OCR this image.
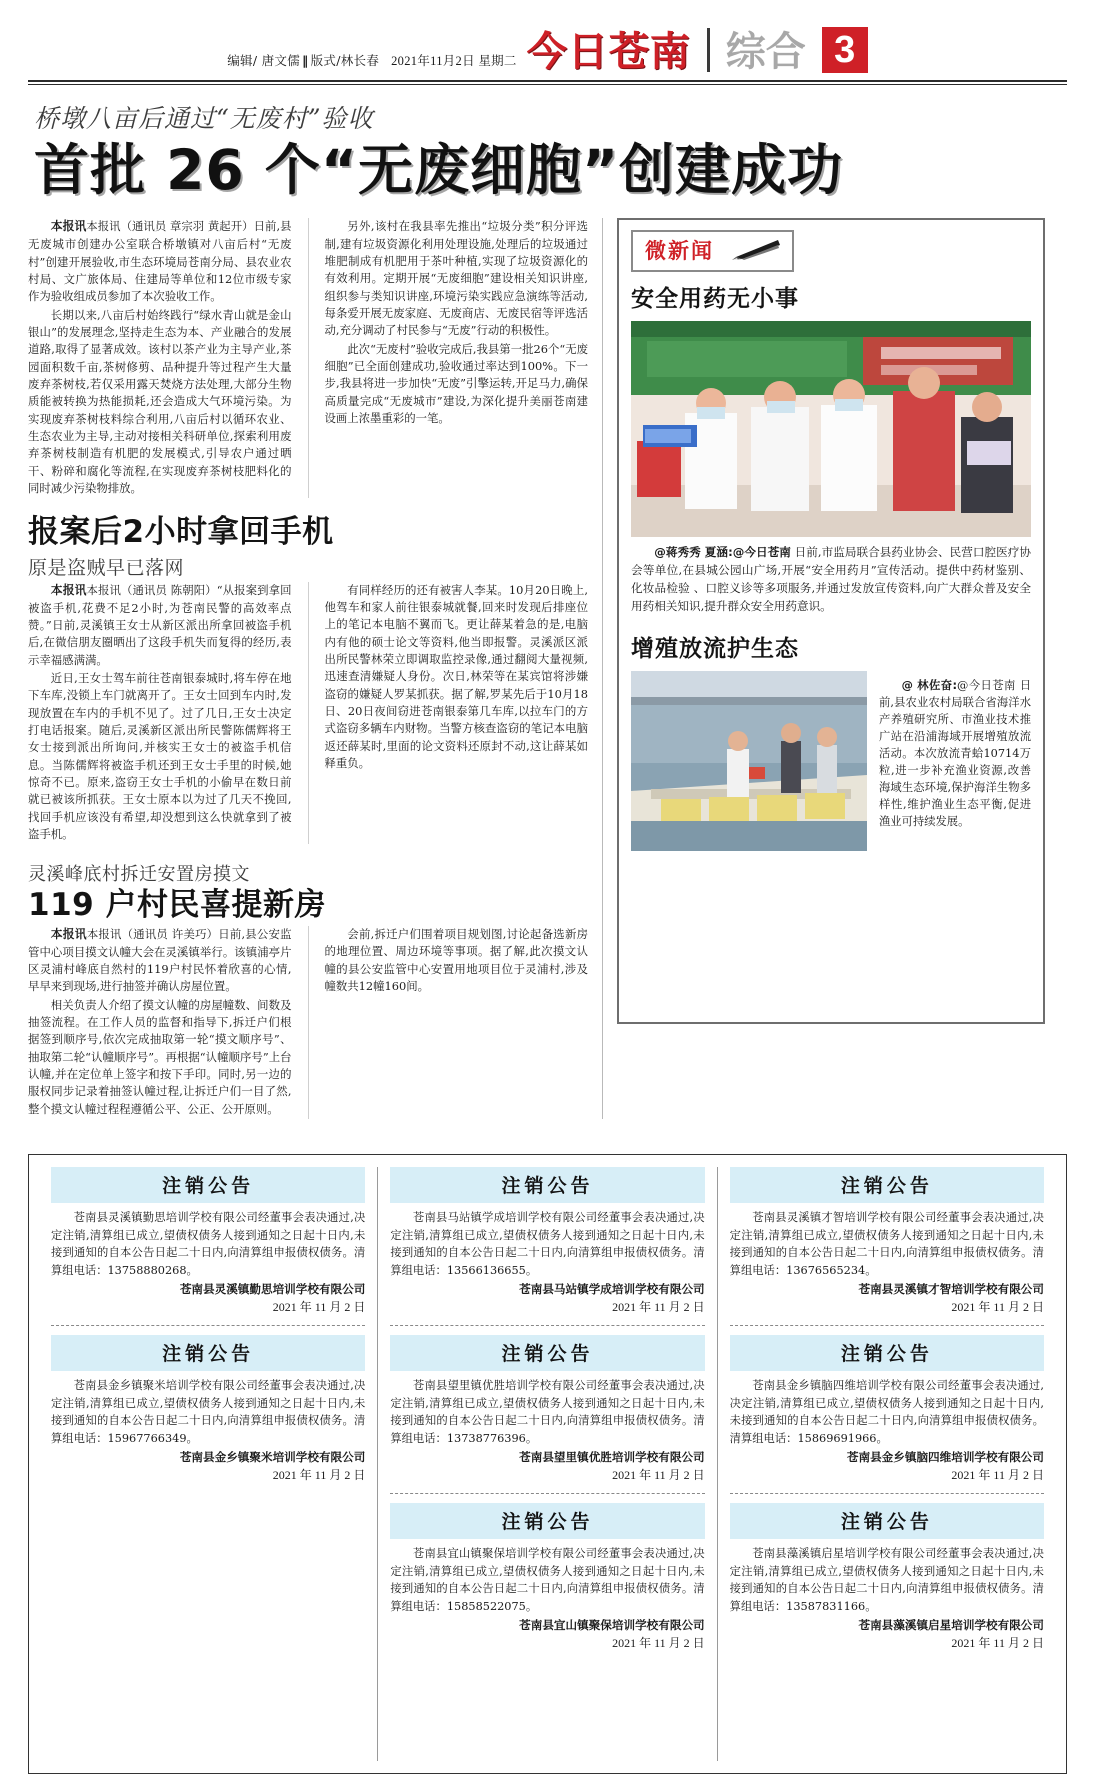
编辑/ 唐文儒 ‖ 版式/林长春 2021年11月2日 星期二 今日苍南 综合 3
桥墩八亩后通过“无废村”验收
首批 26 个“无废细胞”创建成功

本报讯本报讯（通讯员 章宗羽 黄起开）日前,县无废城市创建办公室联合桥墩镇对八亩后村“无废村”创建开展验收,市生态环境局苍南分局、县农业农村局、文广旅体局、住建局等单位和12位市级专家作为验收组成员参加了本次验收工作。

长期以来,八亩后村始终践行“绿水青山就是金山银山”的发展理念,坚持走生态为本、产业融合的发展道路,取得了显著成效。该村以茶产业为主导产业,茶园面积数千亩,茶树修剪、品种提升等过程产生大量废弃茶树枝,若仅采用露天焚烧方法处理,大部分生物质能被转换为热能损耗,还会造成大气环境污染。为实现废弃茶树枝料综合利用,八亩后村以循环农业、生态农业为主导,主动对接相关科研单位,探索利用废弃茶树枝制造有机肥的发展模式,引导农户通过晒干、粉碎和腐化等流程,在实现废弃茶树枝肥料化的同时减少污染物排放。

另外,该村在我县率先推出“垃圾分类”积分评选制,建有垃圾资源化利用处理设施,处理后的垃圾通过堆肥制成有机肥用于茶叶种植,实现了垃圾资源化的有效利用。定期开展“无废细胞”建设相关知识讲座,组织参与类知识讲座,环境污染实践应急演练等活动,每条爱开展无废家庭、无废商店、无废民宿等评选活动,充分调动了村民参与“无废”行动的积极性。

此次“无废村”验收完成后,我县第一批26个“无废细胞”已全面创建成功,验收通过率达到100%。下一步,我县将进一步加快“无废”引擎运转,开足马力,确保高质量完成“无废城市”建设,为深化提升美丽苍南建设画上浓墨重彩的一笔。

报案后2小时拿回手机
原是盗贼早已落网

本报讯本报讯（通讯员 陈朝阳）“从报案到拿回被盗手机,花费不足2小时,为苍南民警的高效率点赞。”日前,灵溪镇王女士从新区派出所拿回被盗手机后,在微信朋友圈晒出了这段手机失而复得的经历,表示幸福感满满。

近日,王女士驾车前往苍南银泰城时,将车停在地下车库,没锁上车门就离开了。王女士回到车内时,发现放置在车内的手机不见了。过了几日,王女士决定打电话报案。随后,灵溪新区派出所民警陈儒辉将王女士接到派出所询问,并核实王女士的被盗手机信息。当陈儒辉将被盗手机还到王女士手里的时候,她惊奇不已。原来,盗窃王女士手机的小偷早在数日前就已被该所抓获。王女士原本以为过了几天不挽回,找回手机应该没有希望,却没想到这么快就拿到了被盗手机。

有同样经历的还有被害人李某。10月20日晚上,他驾车和家人前往银泰城就餐,回来时发现后排座位上的笔记本电脑不翼而飞。更让薛某着急的是,电脑内有他的硕士论文等资料,他当即报警。灵溪派区派出所民警林荣立即调取监控录像,通过翻阅大量视频,迅速查清嫌疑人身份。次日,林荣等在某宾馆将涉嫌盗窃的嫌疑人罗某抓获。据了解,罗某先后于10月18日、20日夜间窃进苍南银泰第几车库,以拉车门的方式盗窃多辆车内财物。当警方核查盗窃的笔记本电脑返还薛某时,里面的论文资料还原封不动,这让薛某如释重负。

灵溪峰底村拆迁安置房摸文
119 户村民喜提新房

本报讯本报讯（通讯员 许美巧）日前,县公安监管中心项目摸文认幢大会在灵溪镇举行。该镇浦亭片区灵浦村峰底自然村的119户村民怀着欣喜的心情,早早来到现场,进行抽签并确认房屋位置。

相关负责人介绍了摸文认幢的房屋幢数、间数及抽签流程。在工作人员的监督和指导下,拆迁户们根据签到顺序号,依次完成抽取第一轮“摸文顺序号”、抽取第二轮“认幢顺序号”。再根据“认幢顺序号”上台认幢,并在定位单上签字和按下手印。同时,另一边的服权同步记录着抽签认幢过程,让拆迁户们一目了然,整个摸文认幢过程程遵循公平、公正、公开原则。

会前,拆迁户们围着项目规划图,讨论起备选新房的地理位置、周边环境等事项。据了解,此次摸文认幢的县公安监管中心安置用地项目位于灵浦村,涉及幢数共12幢160间。

微新闻
安全用药无小事

@蒋秀秀 夏涵:@今日苍南 日前,市监局联合县药业协会、民营口腔医疗协会等单位,在县城公园山广场,开展“安全用药月”宣传活动。提供中药材鉴别、化妆品检验 、口腔义诊等多项服务,并通过发放宣传资料,向广大群众普及安全用药相关知识,提升群众安全用药意识。

增殖放流护生态

@ 林佐奋:@今日苍南 日前,县农业农村局联合省海洋水产养殖研究所、市渔业技术推广站在沿浦海域开展增殖放流活动。本次放流青蛤10714万粒,进一步补充渔业资源,改善海域生态环境,保护海洋生物多样性,维护渔业生态平衡,促进渔业可持续发展。

注销公告

苍南县灵溪镇勤思培训学校有限公司经董事会表决通过,决定注销,清算组已成立,望债权债务人接到通知之日起十日内,未接到通知的自本公告日起二十日内,向清算组申报债权债务。清算组电话：13758880268。

苍南县灵溪镇勤思培训学校有限公司
2021 年 11 月 2 日
注销公告

苍南县金乡镇聚米培训学校有限公司经董事会表决通过,决定注销,清算组已成立,望债权债务人接到通知之日起十日内,未接到通知的自本公告日起二十日内,向清算组申报债权债务。清算组电话：15967766349。

苍南县金乡镇聚米培训学校有限公司
2021 年 11 月 2 日
注销公告

苍南县马站镇学成培训学校有限公司经董事会表决通过,决定注销,清算组已成立,望债权债务人接到通知之日起十日内,未接到通知的自本公告日起二十日内,向清算组申报债权债务。清算组电话：13566136655。

苍南县马站镇学成培训学校有限公司
2021 年 11 月 2 日
注销公告

苍南县望里镇优胜培训学校有限公司经董事会表决通过,决定注销,清算组已成立,望债权债务人接到通知之日起十日内,未接到通知的自本公告日起二十日内,向清算组申报债权债务。清算组电话：13738776396。

苍南县望里镇优胜培训学校有限公司
2021 年 11 月 2 日
注销公告

苍南县宜山镇聚保培训学校有限公司经董事会表决通过,决定注销,清算组已成立,望债权债务人接到通知之日起十日内,未接到通知的自本公告日起二十日内,向清算组申报债权债务。清算组电话：15858522075。

苍南县宜山镇聚保培训学校有限公司
2021 年 11 月 2 日
注销公告

苍南县灵溪镇才智培训学校有限公司经董事会表决通过,决定注销,清算组已成立,望债权债务人接到通知之日起十日内,未接到通知的自本公告日起二十日内,向清算组申报债权债务。清算组电话：13676565234。

苍南县灵溪镇才智培训学校有限公司
2021 年 11 月 2 日
注销公告

苍南县金乡镇脑四维培训学校有限公司经董事会表决通过,决定注销,清算组已成立,望债权债务人接到通知之日起十日内,未接到通知的自本公告日起二十日内,向清算组申报债权债务。清算组电话：15869691966。

苍南县金乡镇脑四维培训学校有限公司
2021 年 11 月 2 日
注销公告

苍南县藻溪镇启星培训学校有限公司经董事会表决通过,决定注销,清算组已成立,望债权债务人接到通知之日起十日内,未接到通知的自本公告日起二十日内,向清算组申报债权债务。清算组电话：13587831166。

苍南县藻溪镇启星培训学校有限公司
2021 年 11 月 2 日
